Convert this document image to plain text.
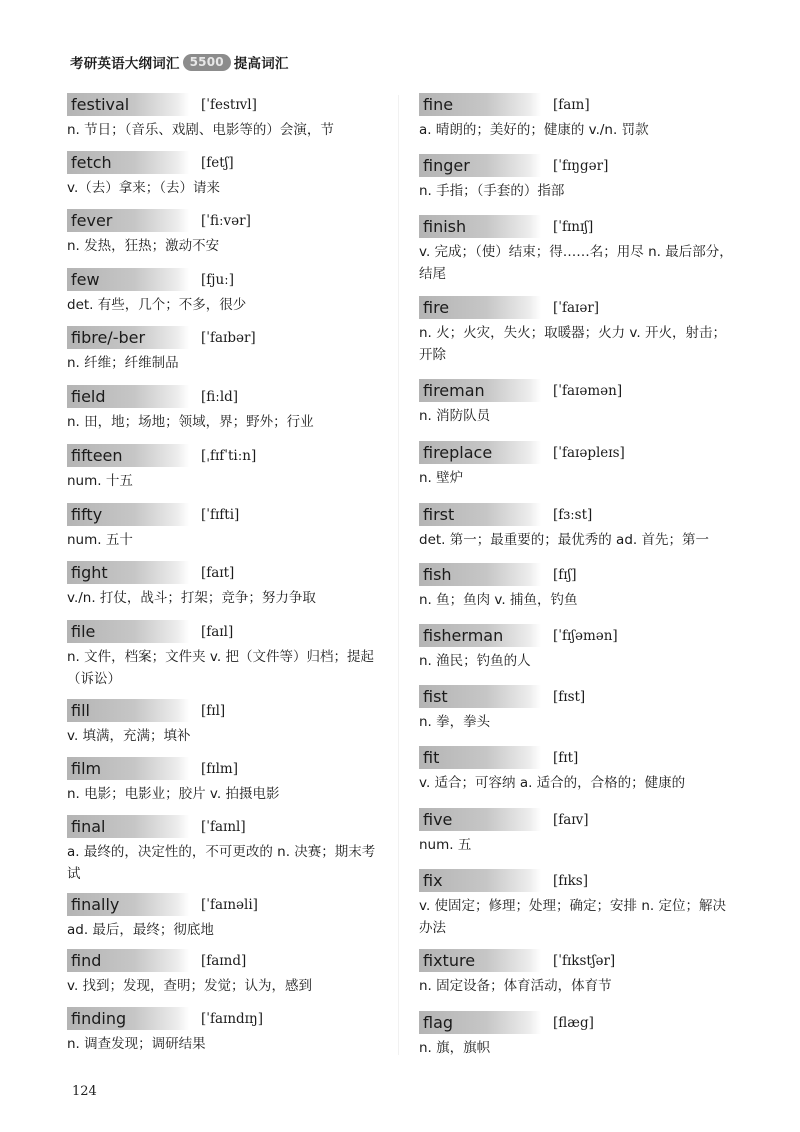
考研英语大纲词汇 5500 提高词汇
festival	[ˈfestɪvl]
n. 节日；（音乐、戏剧、电影等的）会演，节
fetch	[fetʃ]
v.（去）拿来；（去）请来
fever	[ˈfiːvər]
n. 发热，狂热；激动不安
few	[fjuː]
det. 有些，几个；不多，很少
fibre/-ber	[ˈfaɪbər]
n. 纤维；纤维制品
field	[fiːld]
n. 田，地；场地；领域，界；野外；行业
fifteen	[ˌfɪfˈtiːn]
num. 十五
fifty	[ˈfɪfti]
num. 五十
fight	[faɪt]
v./n. 打仗，战斗；打架；竞争；努力争取
file	[faɪl]
n. 文件，档案；文件夹 v. 把（文件等）归档；提起（诉讼）
fill	[fɪl]
v. 填满，充满；填补
film	[fɪlm]
n. 电影；电影业；胶片 v. 拍摄电影
final	[ˈfaɪnl]
a. 最终的，决定性的，不可更改的 n. 决赛；期末考试
finally	[ˈfaɪnəli]
ad. 最后，最终；彻底地
find	[faɪnd]
v. 找到；发现，查明；发觉；认为，感到
finding	[ˈfaɪndɪŋ]
n. 调查发现；调研结果
fine	[faɪn]
a. 晴朗的；美好的；健康的 v./n. 罚款
finger	[ˈfɪŋgər]
n. 手指；（手套的）指部
finish	[ˈfɪnɪʃ]
v. 完成；（使）结束；得……名；用尽 n. 最后部分，结尾
fire	[ˈfaɪər]
n. 火；火灾，失火；取暖器；火力 v. 开火，射击；开除
fireman	[ˈfaɪəmən]
n. 消防队员
fireplace	[ˈfaɪəpleɪs]
n. 壁炉
first	[fɜːst]
det. 第一；最重要的；最优秀的 ad. 首先；第一
fish	[fɪʃ]
n. 鱼；鱼肉 v. 捕鱼，钓鱼
fisherman	[ˈfɪʃəmən]
n. 渔民；钓鱼的人
fist	[fɪst]
n. 拳，拳头
fit	[fɪt]
v. 适合；可容纳 a. 适合的，合格的；健康的
five	[faɪv]
num. 五
fix	[fɪks]
v. 使固定；修理；处理；确定；安排 n. 定位；解决办法
fixture	[ˈfɪkstʃər]
n. 固定设备；体育活动，体育节
flag	[flæg]
n. 旗，旗帜
124
